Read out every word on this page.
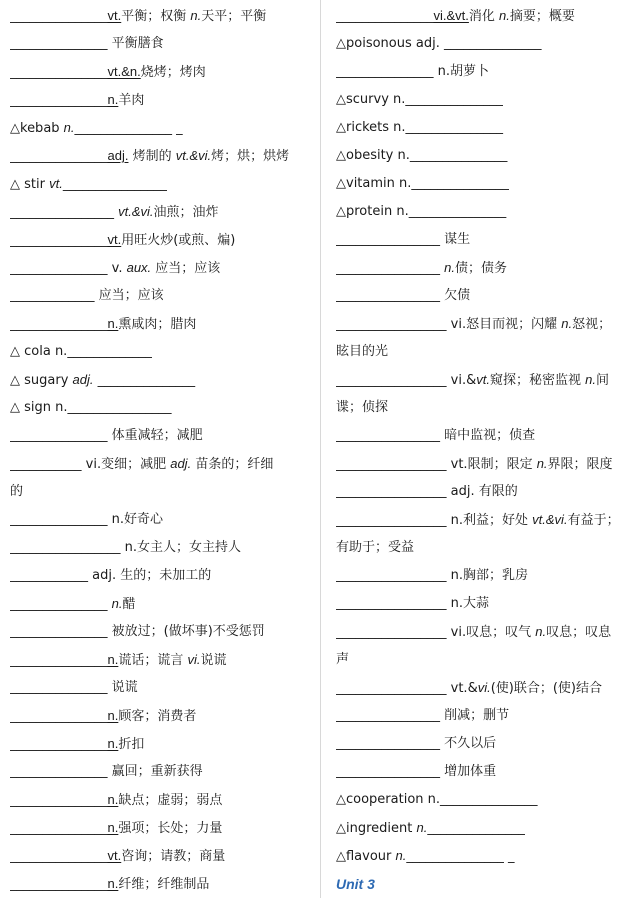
_______________vt.平衡；权衡 n.天平；平衡
_______________ 平衡膳食
_______________vt.&n.烧烤；烤肉
_______________n.羊肉
△kebab n._______________ _
_______________adj. 烤制的 vt.&vi.烤；烘；烘烤
△ stir vt.________________
________________ vt.&vi.油煎；油炸
_______________vt.用旺火炒(或煎、煸)
_______________ v. aux. 应当；应该
_____________ 应当；应该
_______________n.熏咸肉；腊肉
△ cola n._____________
△ sugary adj. _______________
△ sign n.________________
_______________ 体重减轻；减肥
___________ vi.变细；减肥 adj. 苗条的；纤细
的
_______________ n.好奇心
_________________ n.女主人；女主持人
____________ adj. 生的；未加工的
_______________ n.醋
_______________ 被放过；(做坏事)不受惩罚
_______________n.谎话；谎言 vi.说谎
_______________ 说谎
_______________n.顾客；消费者
_______________n.折扣
_______________ 赢回；重新获得
_______________n.缺点；虚弱；弱点
_______________n.强项；长处；力量
_______________vt.咨询；请教；商量
_______________n.纤维；纤维制品
_______________vi.&vt.消化 n.摘要；概要
△poisonous adj. _______________
_______________ n.胡萝卜
△scurvy n._______________
△rickets n._______________
△obesity n._______________
△vitamin n._______________
△protein n._______________
________________ 谋生
________________ n.债；债务
________________ 欠债
_________________ vi.怒目而视；闪耀 n.怒视；
眩目的光
_________________ vi.&vt.窥探；秘密监视 n.间
谍；侦探
________________ 暗中监视；侦查
_________________ vt.限制；限定 n.界限；限度
_________________ adj. 有限的
_________________ n.利益；好处 vt.&vi.有益于；
有助于；受益
_________________ n.胸部；乳房
_________________ n.大蒜
_________________ vi.叹息；叹气 n.叹息；叹息
声
_________________ vt.&vi.(使)联合；(使)结合
________________ 削减；删节
________________ 不久以后
________________ 增加体重
△cooperation n._______________
△ingredient n._______________
△flavour n._______________ _
Unit 3
